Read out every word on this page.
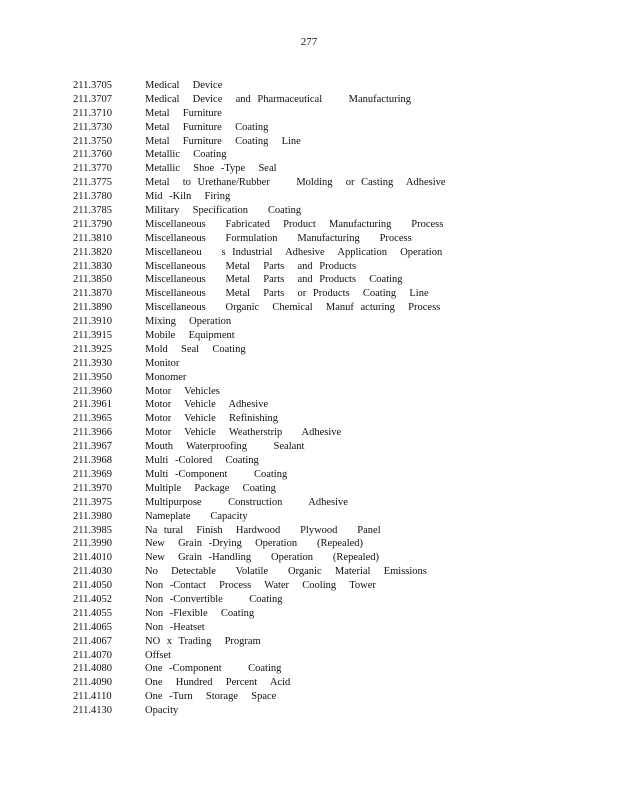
277
211.3705	Medical  Device
211.3707	Medical  Device  and Pharmaceutical    Manufacturing
211.3710	Metal  Furniture
211.3730	Metal  Furniture  Coating
211.3750	Metal  Furniture  Coating  Line
211.3760	Metallic  Coating
211.3770	Metallic  Shoe -Type  Seal
211.3775	Metal  to Urethane/Rubber    Molding  or Casting  Adhesive
211.3780	Mid -Kiln  Firing
211.3785	Military  Specification   Coating
211.3790	Miscellaneous   Fabricated  Product  Manufacturing   Process
211.3810	Miscellaneous   Formulation   Manufacturing   Process
211.3820	Miscellaneou   s Industrial  Adhesive  Application  Operation
211.3830	Miscellaneous   Metal  Parts  and Products
211.3850	Miscellaneous   Metal  Parts  and Products  Coating
211.3870	Miscellaneous   Metal  Parts  or Products  Coating  Line
211.3890	Miscellaneous   Organic  Chemical  Manuf acturing  Process
211.3910	Mixing  Operation
211.3915	Mobile  Equipment
211.3925	Mold  Seal  Coating
211.3930	Monitor
211.3950	Monomer
211.3960	Motor  Vehicles
211.3961	Motor  Vehicle  Adhesive
211.3965	Motor  Vehicle  Refinishing
211.3966	Motor  Vehicle  Weatherstrip   Adhesive
211.3967	Mouth  Waterproofing    Sealant
211.3968	Multi -Colored  Coating
211.3969	Multi -Component    Coating
211.3970	Multiple  Package  Coating
211.3975	Multipurpose    Construction    Adhesive
211.3980	Nameplate   Capacity
211.3985	Na tural  Finish  Hardwood   Plywood   Panel
211.3990	New  Grain -Drying  Operation   (Repealed)
211.4010	New  Grain -Handling   Operation   (Repealed)
211.4030	No  Detectable   Volatile   Organic  Material  Emissions
211.4050	Non -Contact  Process  Water  Cooling  Tower
211.4052	Non -Convertible    Coating
211.4055	Non -Flexible  Coating
211.4065	Non -Heatset
211.4067	NO x Trading  Program
211.4070	Offset
211.4080	One -Component    Coating
211.4090	One  Hundred  Percent  Acid
211.4110	One -Turn  Storage  Space
211.4130	Opacity
